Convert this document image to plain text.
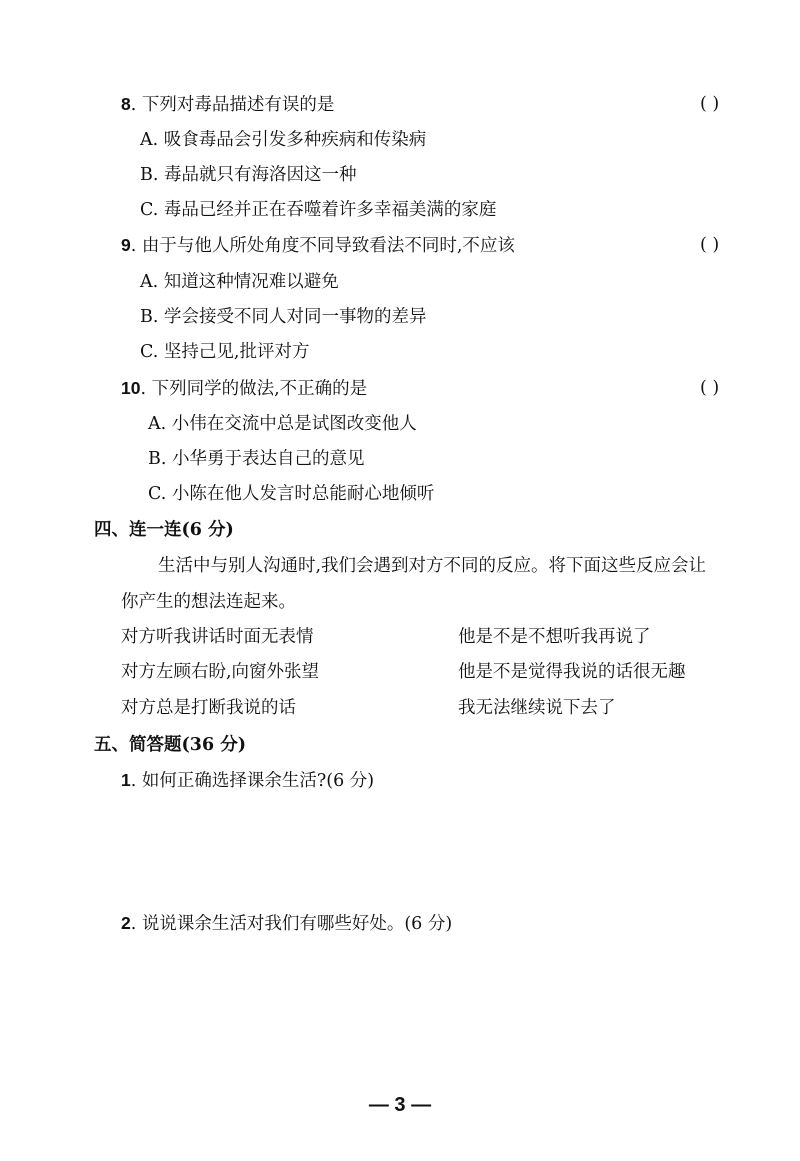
8. 下列对毒品描述有误的是	( )
A. 吸食毒品会引发多种疾病和传染病
B. 毒品就只有海洛因这一种
C. 毒品已经并正在吞噬着许多幸福美满的家庭
9. 由于与他人所处角度不同导致看法不同时,不应该	( )
A. 知道这种情况难以避免
B. 学会接受不同人对同一事物的差异
C. 坚持己见,批评对方
10. 下列同学的做法,不正确的是	( )
A. 小伟在交流中总是试图改变他人
B. 小华勇于表达自己的意见
C. 小陈在他人发言时总能耐心地倾听
四、连一连(6 分)
生活中与别人沟通时,我们会遇到对方不同的反应。将下面这些反应会让
你产生的想法连起来。
对方听我讲话时面无表情	他是不是不想听我再说了
对方左顾右盼,向窗外张望	他是不是觉得我说的话很无趣
对方总是打断我说的话	我无法继续说下去了
五、简答题(36 分)
1. 如何正确选择课余生活?(6 分)
2. 说说课余生活对我们有哪些好处。(6 分)
— 3 —
